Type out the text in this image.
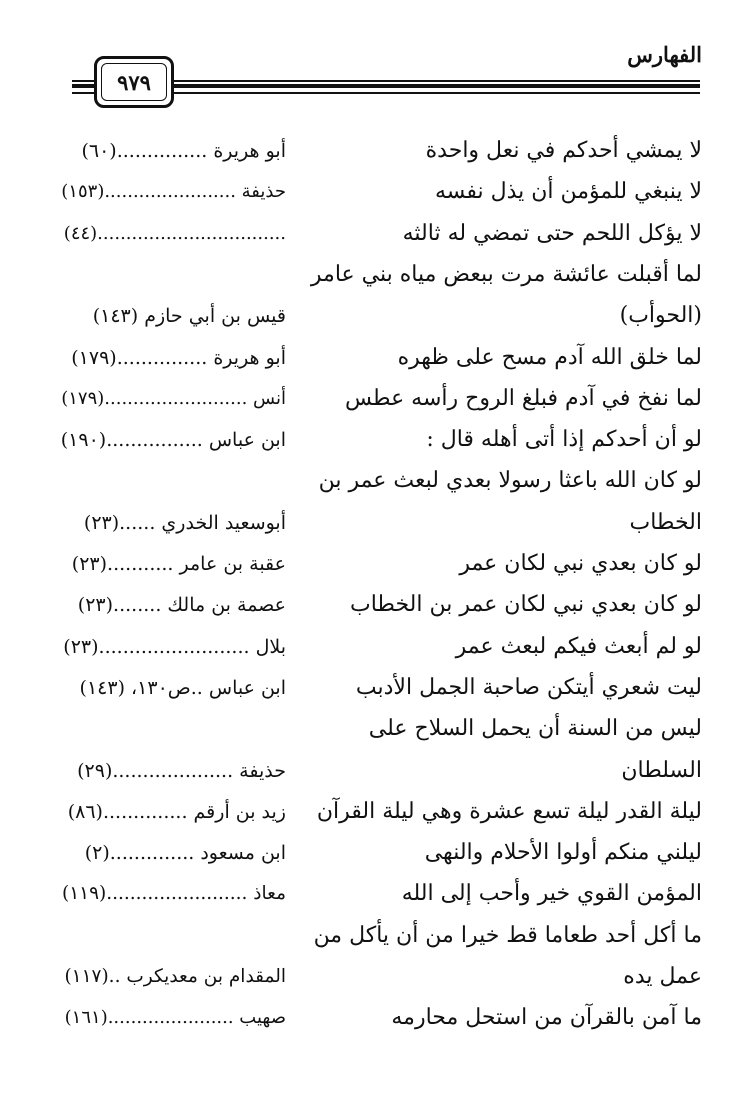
الفهارس
٩٧٩
لا يمشي أحدكم في نعل واحدة
أبو هريرة ...............(٦٠)
لا ينبغي للمؤمن أن يذل نفسه
حذيفة .......................(١٥٣)
لا يؤكل اللحم حتى تمضي له ثالثه
.................................(٤٤)
لما أقبلت عائشة مرت ببعض مياه بني عامر
(الحوأب)
قيس بن أبي حازم (١٤٣)
لما خلق الله آدم مسح على ظهره
أبو هريرة ...............(١٧٩)
لما نفخ في آدم فبلغ الروح رأسه عطس
أنس .........................(١٧٩)
لو أن أحدكم إذا أتى أهله قال :
ابن عباس ................(١٩٠)
لو كان الله باعثا رسولا بعدي لبعث عمر بن
الخطاب
أبوسعيد الخدري ......(٢٣)
لو كان بعدي نبي لكان عمر
عقبة بن عامر ...........(٢٣)
لو كان بعدي نبي لكان عمر بن الخطاب
عصمة بن مالك ........(٢٣)
لو لم أبعث فيكم لبعث عمر
بلال .........................(٢٣)
ليت شعري أيتكن صاحبة الجمل الأدبب
ابن عباس ..ص١٣٠، (١٤٣)
ليس من السنة أن يحمل السلاح على
السلطان
حذيفة ....................(٢٩)
ليلة القدر ليلة تسع عشرة وهي ليلة القرآن
زيد بن أرقم ..............(٨٦)
ليلني منكم أولوا الأحلام والنهى
ابن مسعود ..............(٢)
المؤمن القوي خير وأحب إلى الله
معاذ ........................(١١٩)
ما أكل أحد طعاما قط خيرا من أن يأكل من
عمل يده
المقدام بن معديكرب ..(١١٧)
ما آمن بالقرآن من استحل محارمه
صهيب ......................(١٦١)
